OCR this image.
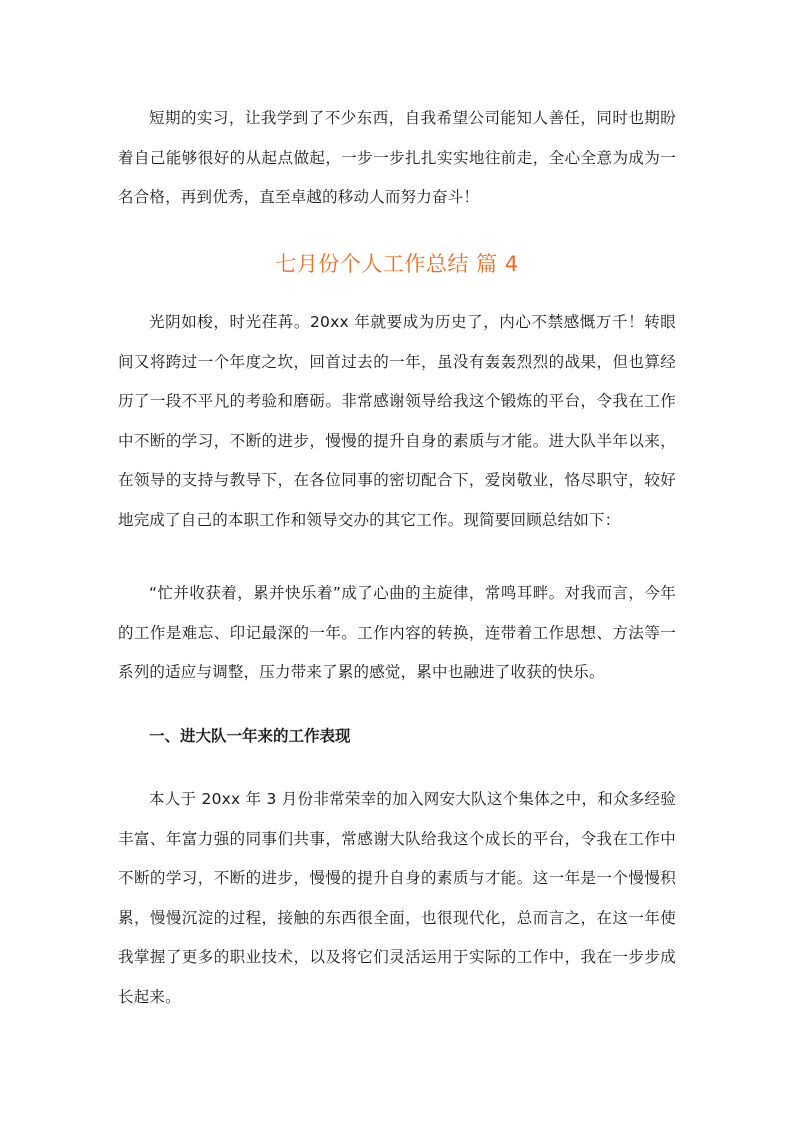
短期的实习，让我学到了不少东西，自我希望公司能知人善任，同时也期盼着自己能够很好的从起点做起，一步一步扎扎实实地往前走，全心全意为成为一名合格，再到优秀，直至卓越的移动人而努力奋斗！

七月份个人工作总结 篇 4

光阴如梭，时光荏苒。20xx 年就要成为历史了，内心不禁感慨万千！转眼间又将跨过一个年度之坎，回首过去的一年，虽没有轰轰烈烈的战果，但也算经历了一段不平凡的考验和磨砺。非常感谢领导给我这个锻炼的平台，令我在工作中不断的学习，不断的进步，慢慢的提升自身的素质与才能。进大队半年以来，在领导的支持与教导下，在各位同事的密切配合下，爱岗敬业，恪尽职守，较好地完成了自己的本职工作和领导交办的其它工作。现简要回顾总结如下：

“忙并收获着，累并快乐着”成了心曲的主旋律，常鸣耳畔。对我而言，今年的工作是难忘、印记最深的一年。工作内容的转换，连带着工作思想、方法等一系列的适应与调整，压力带来了累的感觉，累中也融进了收获的快乐。

一、进大队一年来的工作表现

本人于 20xx 年 3 月份非常荣幸的加入网安大队这个集体之中，和众多经验丰富、年富力强的同事们共事，常感谢大队给我这个成长的平台，令我在工作中不断的学习，不断的进步，慢慢的提升自身的素质与才能。这一年是一个慢慢积累，慢慢沉淀的过程，接触的东西很全面，也很现代化，总而言之，在这一年使我掌握了更多的职业技术，以及将它们灵活运用于实际的工作中，我在一步步成长起来。
